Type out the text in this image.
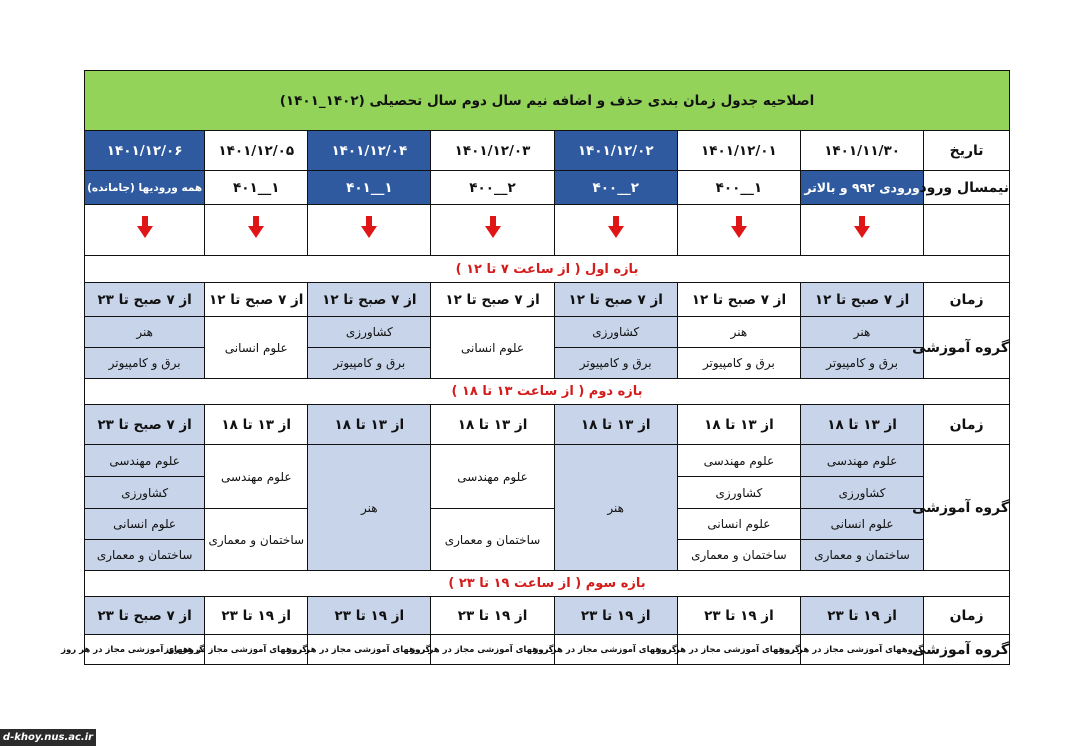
اصلاحیه جدول زمان بندی حذف و اضافه نیم سال دوم سال تحصیلی (۱۴۰۲_۱۴۰۱)							
تاریخ	۱۴۰۱/۱۱/۳۰	۱۴۰۱/۱۲/۰۱	۱۴۰۱/۱۲/۰۲	۱۴۰۱/۱۲/۰۳	۱۴۰۱/۱۲/۰۴	۱۴۰۱/۱۲/۰۵	۱۴۰۱/۱۲/۰۶
نیمسال ورود	ورودی ۹۹۲ و بالاتر	۱__۴۰۰	۲__۴۰۰	۲__۴۰۰	۱__۴۰۱	۱__۴۰۱	همه ورودیها (جامانده)

بازه اول ( از ساعت ۷ تا ۱۲ )							
زمان	از ۷ صبح تا ۱۲	از ۷ صبح تا ۱۲	از ۷ صبح تا ۱۲	از ۷ صبح تا ۱۲	از ۷ صبح تا ۱۲	از ۷ صبح تا ۱۲	از ۷ صبح تا ۲۳
گروه آموزشی	هنر	هنر	کشاورزی	علوم انسانی	کشاورزی	علوم انسانی	هنر
	برق و کامپیوتر	برق و کامپیوتر	برق و کامپیوتر		برق و کامپیوتر		برق و کامپیوتر
بازه دوم ( از ساعت ۱۳ تا ۱۸ )							
زمان	از ۱۳ تا ۱۸	از ۱۳ تا ۱۸	از ۱۳ تا ۱۸	از ۱۳ تا ۱۸	از ۱۳ تا ۱۸	از ۱۳ تا ۱۸	از ۷ صبح تا ۲۳
گروه آموزشی	علوم مهندسی	علوم مهندسی	هنر	علوم مهندسی	هنر	علوم مهندسی	علوم مهندسی
	کشاورزی	کشاورزی					کشاورزی
	علوم انسانی	علوم انسانی		ساختمان و معماری		ساختمان و معماری	علوم انسانی
	ساختمان و معماری	ساختمان و معماری					ساختمان و معماری
بازه سوم ( از ساعت ۱۹ تا ۲۳ )							
زمان	از ۱۹ تا ۲۳	از ۱۹ تا ۲۳	از ۱۹ تا ۲۳	از ۱۹ تا ۲۳	از ۱۹ تا ۲۳	از ۱۹ تا ۲۳	از ۷ صبح تا ۲۳
گروه آموزشی	گروههای آموزشی مجاز در هر روز	گروههای آموزشی مجاز در هر روز	گروههای آموزشی مجاز در هر روز	گروههای آموزشی مجاز در هر روز	گروههای آموزشی مجاز در هر روز	گروههای آموزشی مجاز در هر روز	گروههای آموزشی مجاز در هر روز
d-khoy.nus.ac.ir
